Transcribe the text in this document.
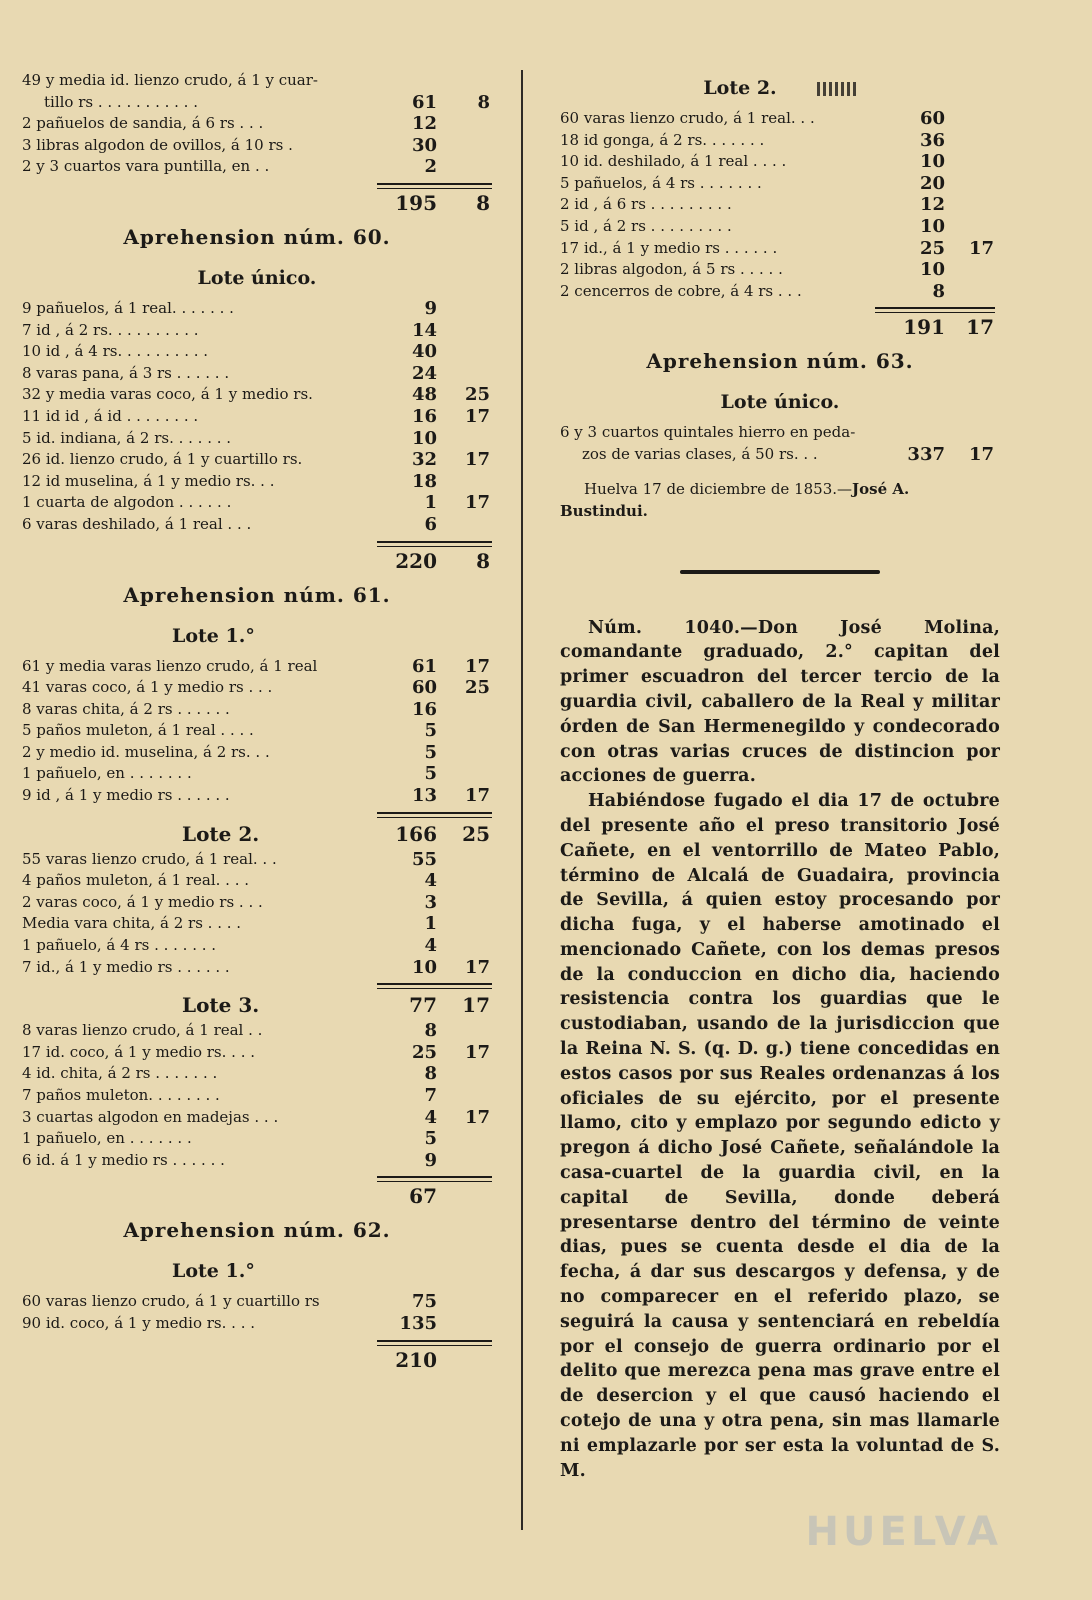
49 y media id. lienzo crudo, á 1 y cuar-
tillo rs . . . . . . . . . . .	61	8
2 pañuelos de sandia, á 6 rs . . .	12
3 libras algodon de ovillos, á 10 rs .	30
2 y 3 cuartos vara puntilla, en . .	2
195	8
Aprehension núm. 60.
Lote único.
9 pañuelos, á 1 real. . . . . . .	9
7 id , á 2 rs. . . . . . . . . .	14
10 id , á 4 rs. . . . . . . . . .	40
8 varas pana, á 3 rs . . . . . .	24
32 y media varas coco, á 1 y medio rs.	48	25
11 id id , á id . . . . . . . .	16	17
5 id. indiana, á 2 rs. . . . . . .	10
26 id. lienzo crudo, á 1 y cuartillo rs.	32	17
12 id muselina, á 1 y medio rs. . .	18
1 cuarta de algodon . . . . . .	1	17
6 varas deshilado, á 1 real . . .	6
220	8
Aprehension núm. 61.
Lote 1.°
61 y media varas lienzo crudo, á 1 real	61	17
41 varas coco, á 1 y medio rs . . .	60	25
8 varas chita, á 2 rs . . . . . .	16
5 paños muleton, á 1 real . . . .	5
2 y medio id. muselina, á 2 rs. . .	5
1 pañuelo, en . . . . . . .	5
9 id , á 1 y medio rs . . . . . .	13	17
Lote 2.	166	25
55 varas lienzo crudo, á 1 real. . .	55
4 paños muleton, á 1 real. . . .	4
2 varas coco, á 1 y medio rs . . .	3
Media vara chita, á 2 rs . . . .	1
1 pañuelo, á 4 rs . . . . . . .	4
7 id., á 1 y medio rs . . . . . .	10	17
Lote 3.	77	17
8 varas lienzo crudo, á 1 real . .	8
17 id. coco, á 1 y medio rs. . . .	25	17
4 id. chita, á 2 rs . . . . . . .	8
7 paños muleton. . . . . . . .	7
3 cuartas algodon en madejas . . .	4	17
1 pañuelo, en . . . . . . .	5
6 id. á 1 y medio rs . . . . . .	9
67
Aprehension núm. 62.
Lote 1.°
60 varas lienzo crudo, á 1 y cuartillo rs	75
90 id. coco, á 1 y medio rs. . . .	135
210
Lote 2.
60 varas lienzo crudo, á 1 real. . .	60
18 id gonga, á 2 rs. . . . . . .	36
10 id. deshilado, á 1 real . . . .	10
5 pañuelos, á 4 rs . . . . . . .	20
2 id , á 6 rs . . . . . . . . .	12
5 id , á 2 rs . . . . . . . . .	10
17 id., á 1 y medio rs . . . . . .	25	17
2 libras algodon, á 5 rs . . . . .	10
2 cencerros de cobre, á 4 rs . . .	8
191	17
Aprehension núm. 63.
Lote único.
6 y 3 cuartos quintales hierro en peda-
zos de varias clases, á 50 rs. . .	337	17
Huelva 17 de diciembre de 1853.—José A. Bustindui.

Núm. 1040.—Don José Molina, comandante graduado, 2.° capitan del primer escuadron del tercer tercio de la guardia civil, caballero de la Real y militar órden de San Hermenegildo y condecorado con otras varias cruces de distincion por acciones de guerra.

Habiéndose fugado el dia 17 de octubre del presente año el preso transitorio José Cañete, en el ventorrillo de Mateo Pablo, término de Alcalá de Guadaira, provincia de Sevilla, á quien estoy procesando por dicha fuga, y el haberse amotinado el mencionado Cañete, con los demas presos de la conduccion en dicho dia, haciendo resistencia contra los guardias que le custodiaban, usando de la jurisdiccion que la Reina N. S. (q. D. g.) tiene concedidas en estos casos por sus Reales ordenanzas á los oficiales de su ejército, por el presente llamo, cito y emplazo por segundo edicto y pregon á dicho José Cañete, señalándole la casa-cuartel de la guardia civil, en la capital de Sevilla, donde deberá presentarse dentro del término de veinte dias, pues se cuenta desde el dia de la fecha, á dar sus descargos y defensa, y de no comparecer en el referido plazo, se seguirá la causa y sentenciará en rebeldía por el consejo de guerra ordinario por el delito que merezca pena mas grave entre el de desercion y el que causó haciendo el cotejo de una y otra pena, sin mas llamarle ni emplazarle por ser esta la voluntad de S. M.

HUELVA
